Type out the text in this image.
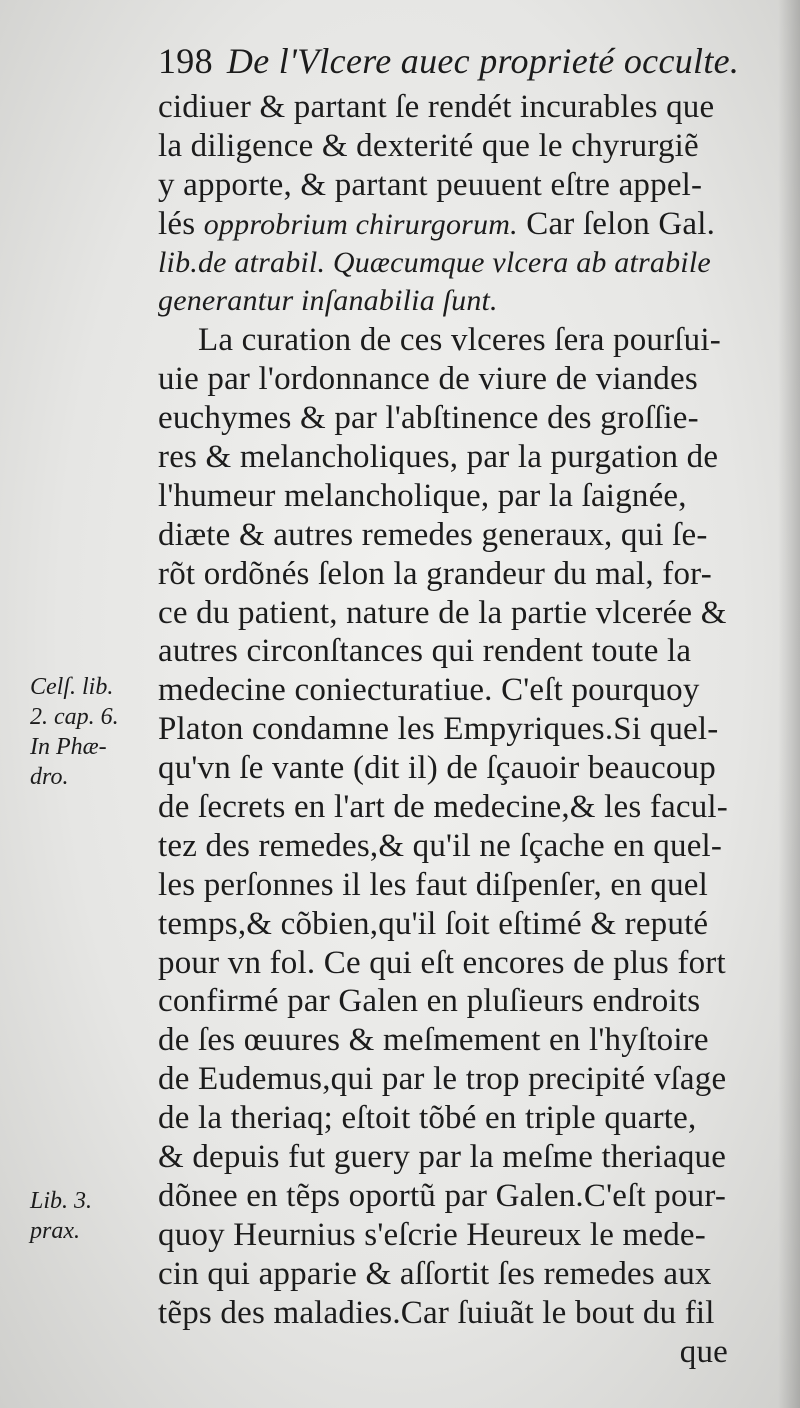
198 De l'Vlcere auec proprieté occulte.
cidiuer & partant ſe rendét incurables que
la diligence & dexterité que le chyrurgiẽ
y apporte, & partant peuuent eſtre appel-
lés opprobrium chirurgorum. Car ſelon Gal.
lib.de atrabil. Quæcumque vlcera ab atrabile
generantur inſanabilia ſunt.
La curation de ces vlceres ſera pourſui-
uie par l'ordonnance de viure de viandes
euchymes & par l'abſtinence des groſſie-
res & melancholiques, par la purgation de
l'humeur melancholique, par la ſaignée,
diæte & autres remedes generaux, qui ſe-
rõt ordõnés ſelon la grandeur du mal, for-
ce du patient, nature de la partie vlcerée &
autres circonſtances qui rendent toute la
medecine coniecturatiue. C'eſt pourquoy
Platon condamne les Empyriques.Si quel-
qu'vn ſe vante (dit il) de ſçauoir beaucoup
de ſecrets en l'art de medecine,& les facul-
tez des remedes,& qu'il ne ſçache en quel-
les perſonnes il les faut diſpenſer, en quel
temps,& cõbien,qu'il ſoit eſtimé & reputé
pour vn fol. Ce qui eſt encores de plus fort
confirmé par Galen en pluſieurs endroits
de ſes œuures & meſmement en l'hyſtoire
de Eudemus,qui par le trop precipité vſage
de la theriaq; eſtoit tõbé en triple quarte,
& depuis fut guery par la meſme theriaque
dõnee en tẽps oportũ par Galen.C'eſt pour-
quoy Heurnius s'eſcrie Heureux le mede-
cin qui apparie & aſſortit ſes remedes aux
tẽps des maladies.Car ſuiuãt le bout du fil
que
Celſ. lib.
2. cap. 6.
In Phæ-
dro.
Lib. 3.
prax.
